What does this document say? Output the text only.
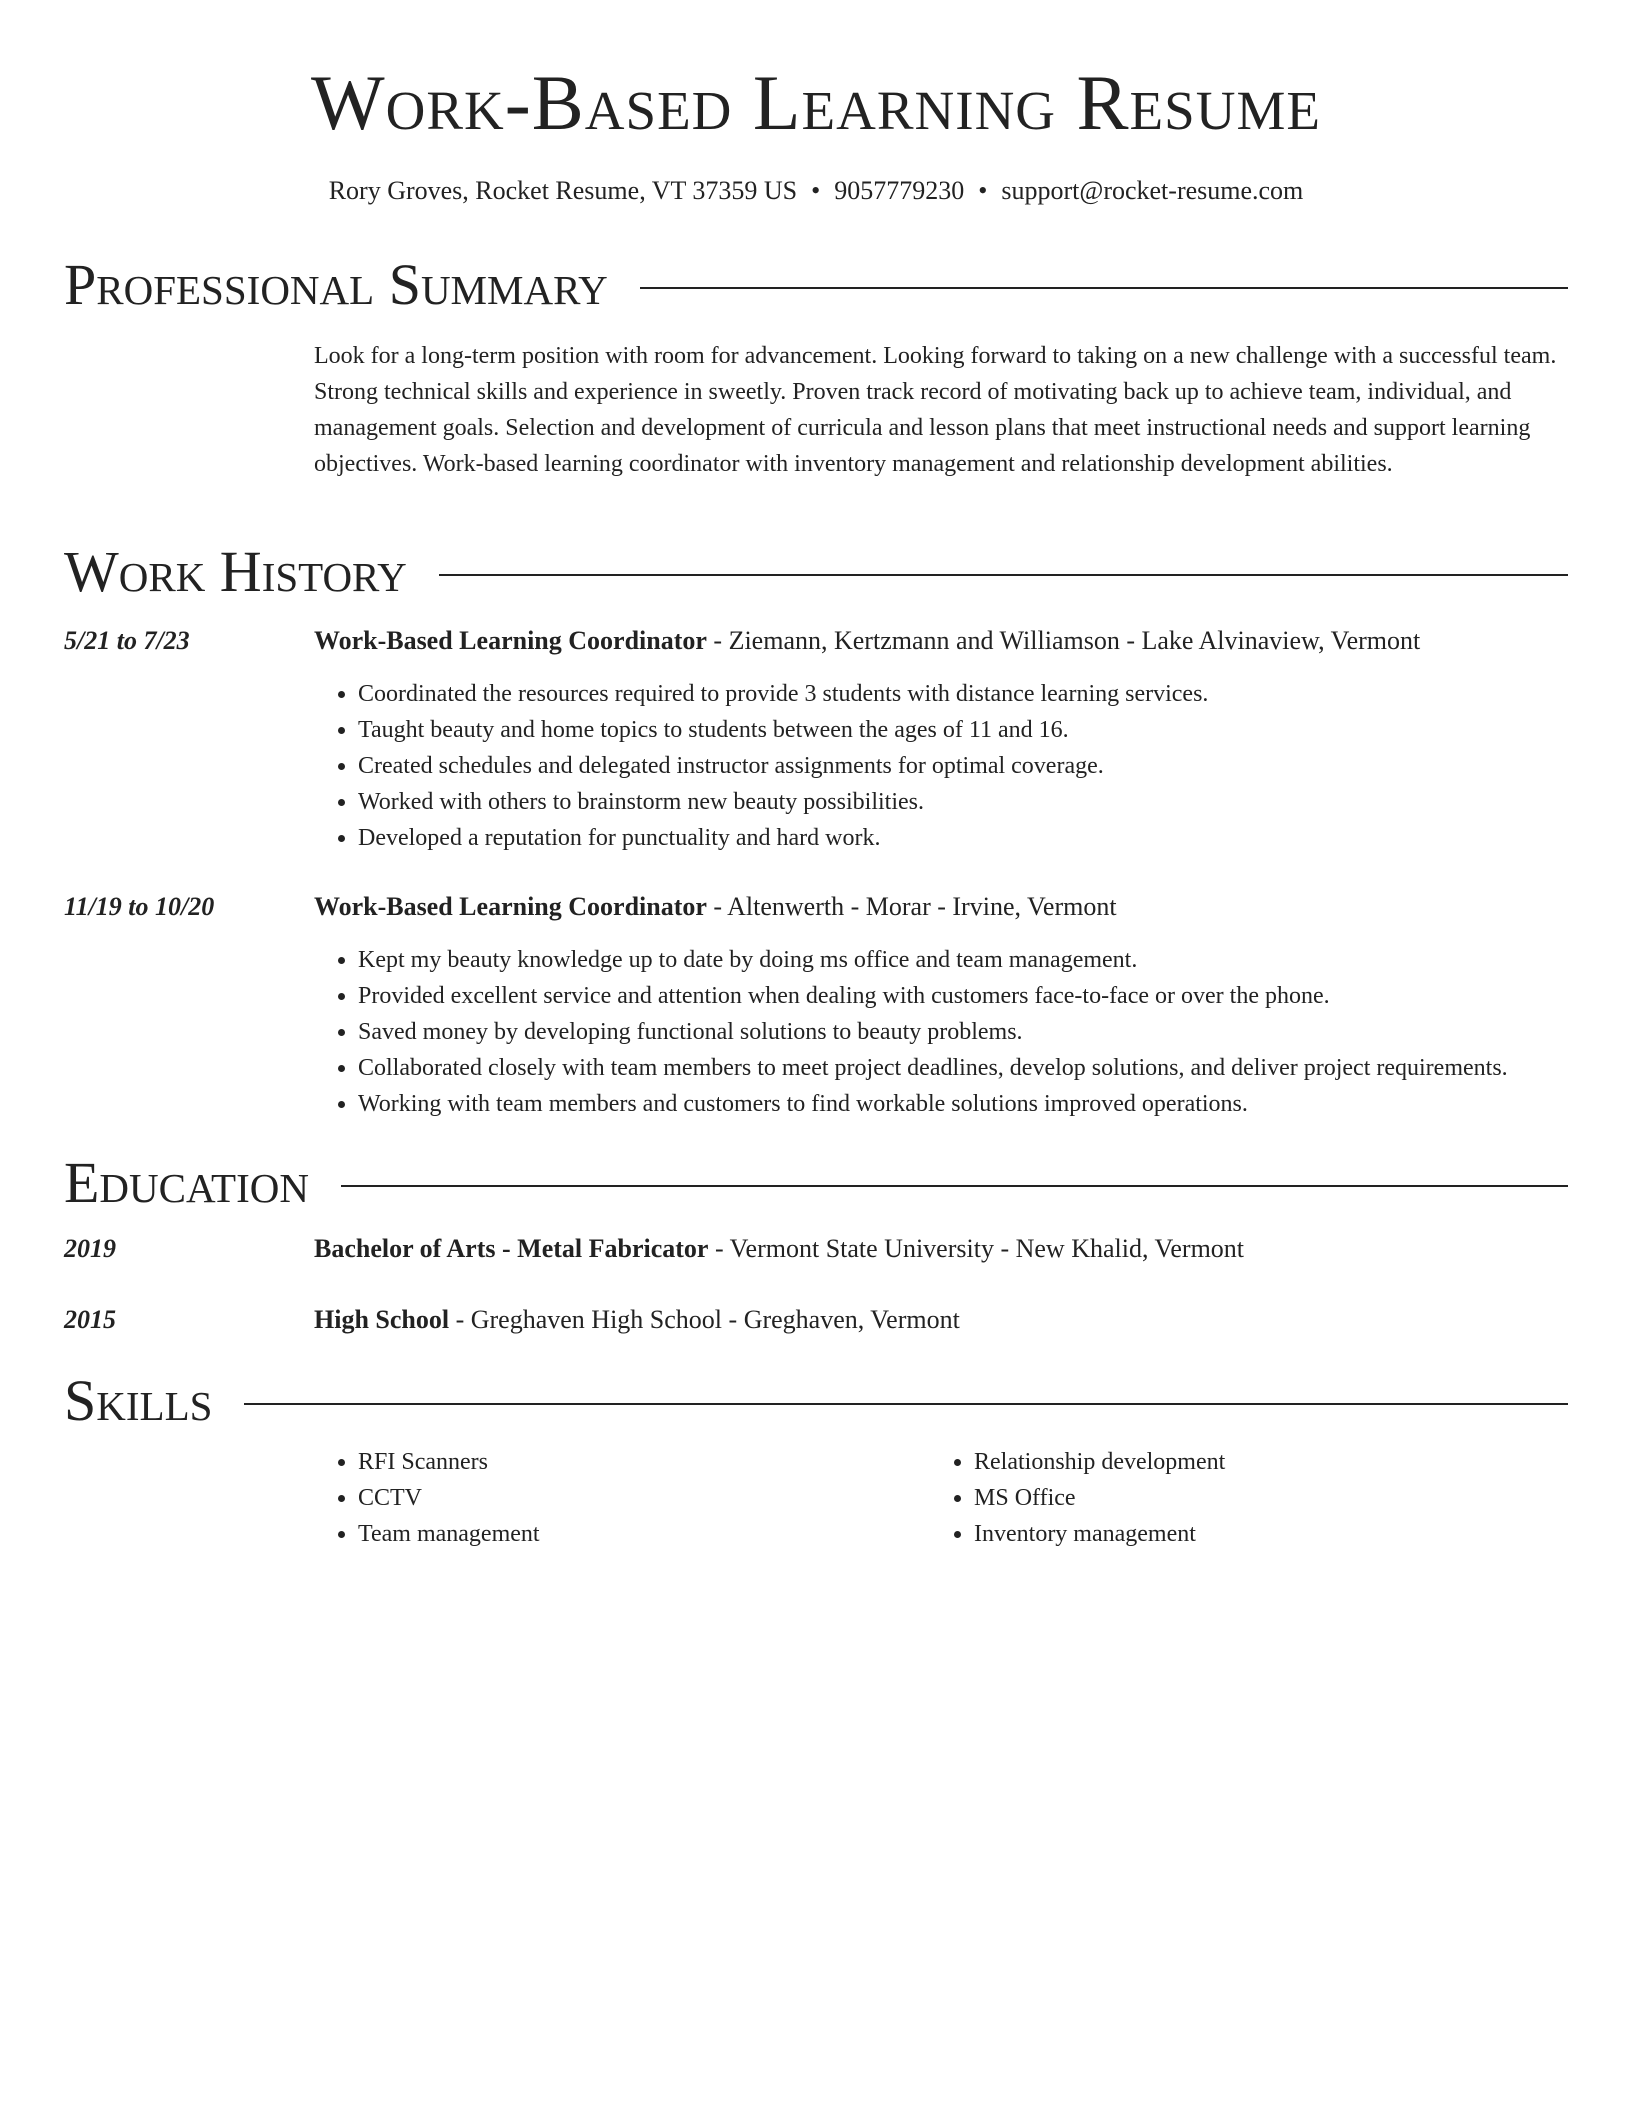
Work-Based Learning Resume
Rory Groves, Rocket Resume, VT 37359 US • 9057779230 • support@rocket-resume.com
Professional Summary

Look for a long-term position with room for advancement. Looking forward to taking on a new challenge with a successful team. Strong technical skills and experience in sweetly. Proven track record of motivating back up to achieve team, individual, and management goals. Selection and development of curricula and lesson plans that meet instructional needs and support learning objectives. Work-based learning coordinator with inventory management and relationship development abilities.

Work History
5/21 to 7/23	Work-Based Learning Coordinator - Ziemann, Kertzmann and Williamson - Lake Alvinaview, Vermont
• Coordinated the resources required to provide 3 students with distance learning services.
• Taught beauty and home topics to students between the ages of 11 and 16.
• Created schedules and delegated instructor assignments for optimal coverage.
• Worked with others to brainstorm new beauty possibilities.
• Developed a reputation for punctuality and hard work.
11/19 to 10/20	Work-Based Learning Coordinator - Altenwerth - Morar - Irvine, Vermont
• Kept my beauty knowledge up to date by doing ms office and team management.
• Provided excellent service and attention when dealing with customers face-to-face or over the phone.
• Saved money by developing functional solutions to beauty problems.
• Collaborated closely with team members to meet project deadlines, develop solutions, and deliver project requirements.
• Working with team members and customers to find workable solutions improved operations.
Education
2019	Bachelor of Arts - Metal Fabricator - Vermont State University - New Khalid, Vermont
2015	High School - Greghaven High School - Greghaven, Vermont
Skills
• RFI Scanners
• CCTV
• Team management
• Relationship development
• MS Office
• Inventory management
